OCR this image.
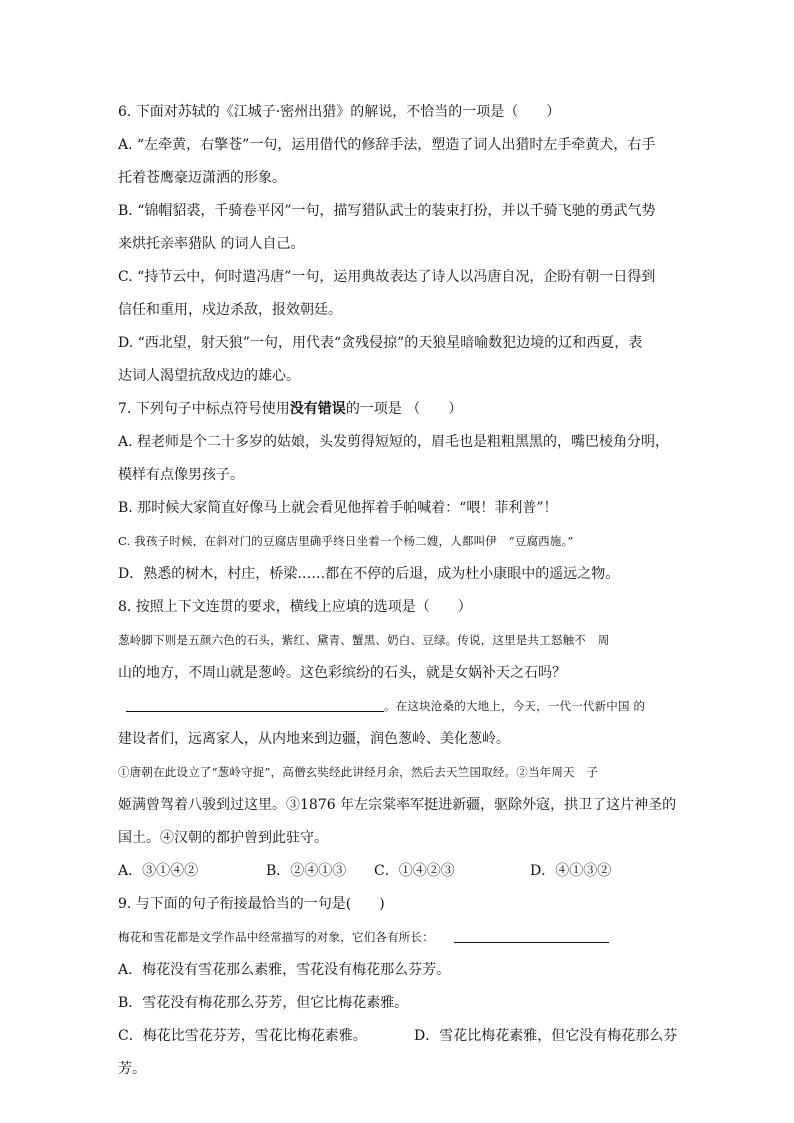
6. 下面对苏轼的《江城子·密州出猎》的解说，不恰当的一项是（　　）
A. “左牵黄，右擎苍”一句，运用借代的修辞手法，塑造了词人出猎时左手牵黄犬，右手
托着苍鹰豪迈潇洒的形象。
B. “锦帽貂裘，千骑卷平冈”一句，描写猎队武士的装束打扮，并以千骑飞驰的勇武气势
来烘托亲率猎队 的词人自己。
C. “持节云中，何时遣冯唐”一句，运用典故表达了诗人以冯唐自况，企盼有朝一日得到
信任和重用，戍边杀敌，报效朝廷。
D. “西北望，射天狼”一句，用代表“贪残侵掠”的天狼星暗喻数犯边境的辽和西夏，表
达词人渴望抗敌戍边的雄心。
7. 下列句子中标点符号使用没有错误的一项是 （　　）
A. 程老师是个二十多岁的姑娘，头发剪得短短的，眉毛也是粗粗黑黑的，嘴巴棱角分明，
模样有点像男孩子。
B. 那时候大家简直好像马上就会看见他挥着手帕喊着：“喂！菲利普”！
C. 我孩子时候，在斜对门的豆腐店里确乎终日坐着一个杨二嫂，人都叫伊　“豆腐西施。”
D．熟悉的树木，村庄，桥梁……都在不停的后退，成为杜小康眼中的遥远之物。
8. 按照上下文连贯的要求，横线上应填的选项是（　　）
葱岭脚下则是五颜六色的石头，紫红、黛青、蟹黑、奶白、豆绿。传说，这里是共工怒触不　周
山的地方，不周山就是葱岭。这色彩缤纷的石头，就是女娲补天之石吗？
。在这块沧桑的大地上，今天，一代一代新中国 的
建设者们，远离家人，从内地来到边疆，润色葱岭、美化葱岭。
①唐朝在此设立了“葱岭守捉”，高僧玄奘经此讲经月余，然后去天竺国取经。②当年周天　子
姬满曾驾着八骏到过这里。③1876 年左宗棠率军挺进新疆，驱除外寇，拱卫了这片神圣的
国土。④汉朝的都护曾到此驻守。
A．③①④②	B．②④①③ C．①④②③	D．④①③②
9. 与下面的句子衔接最恰当的一句是(　　)
梅花和雪花都是文学作品中经常描写的对象，它们各有所长：
A．梅花没有雪花那么素雅，雪花没有梅花那么芬芳。
B．雪花没有梅花那么芬芳，但它比梅花素雅。
C．梅花比雪花芬芳，雪花比梅花素雅。	D．雪花比梅花素雅，但它没有梅花那么芬
芳。
